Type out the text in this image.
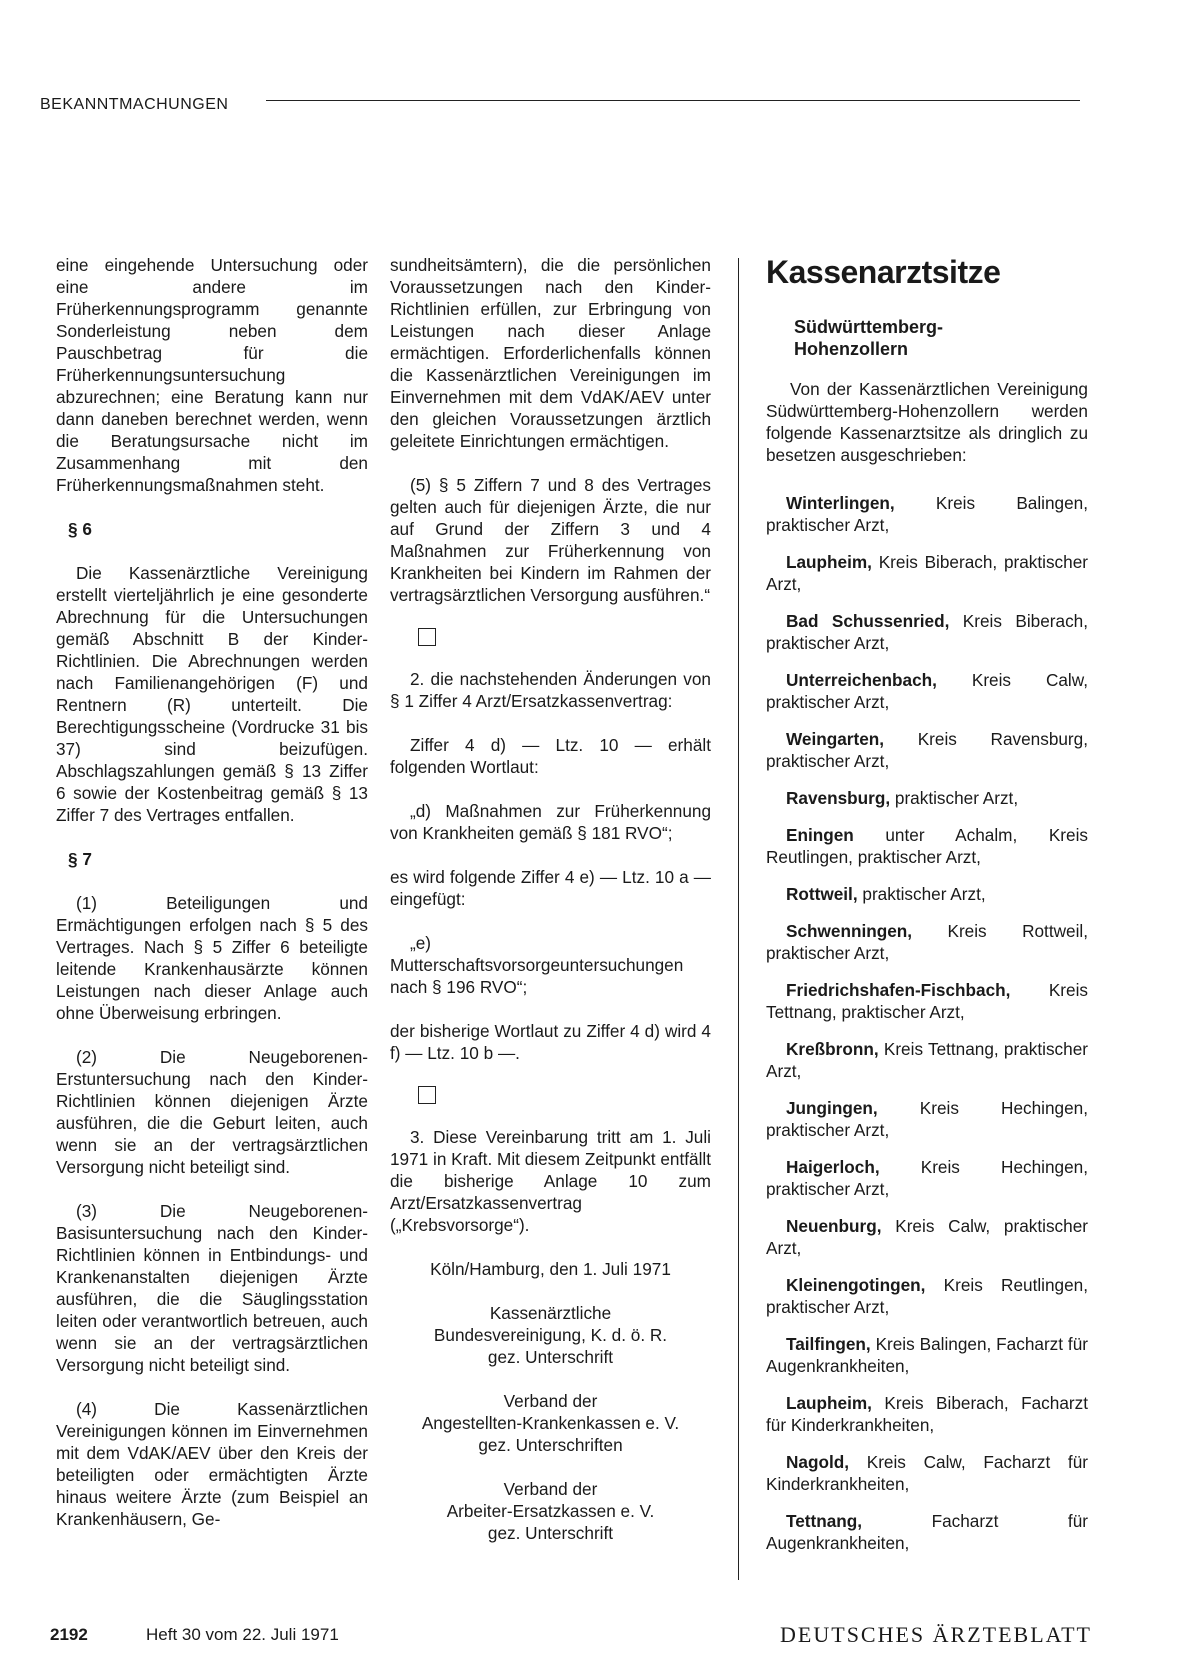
BEKANNTMACHUNGEN

eine eingehende Untersuchung oder eine andere im Früherkennungsprogramm genannte Sonderleistung neben dem Pauschbetrag für die Früherkennungsuntersuchung abzurechnen; eine Beratung kann nur dann daneben berechnet werden, wenn die Beratungsursache nicht im Zusammenhang mit den Früherkennungsmaßnahmen steht.

§ 6

Die Kassenärztliche Vereinigung erstellt vierteljährlich je eine gesonderte Abrechnung für die Untersuchungen gemäß Abschnitt B der Kinder-Richtlinien. Die Abrechnungen werden nach Familienangehörigen (F) und Rentnern (R) unterteilt. Die Berechtigungsscheine (Vordrucke 31 bis 37) sind beizufügen. Abschlagszahlungen gemäß § 13 Ziffer 6 sowie der Kostenbeitrag gemäß § 13 Ziffer 7 des Vertrages entfallen.

§ 7

(1) Beteiligungen und Ermächtigungen erfolgen nach § 5 des Vertrages. Nach § 5 Ziffer 6 beteiligte leitende Krankenhausärzte können Leistungen nach dieser Anlage auch ohne Überweisung erbringen.

(2) Die Neugeborenen-Erstuntersuchung nach den Kinder-Richtlinien können diejenigen Ärzte ausführen, die die Geburt leiten, auch wenn sie an der vertragsärztlichen Versorgung nicht beteiligt sind.

(3) Die Neugeborenen-Basisuntersuchung nach den Kinder-Richtlinien können in Entbindungs- und Krankenanstalten diejenigen Ärzte ausführen, die die Säuglingsstation leiten oder verantwortlich betreuen, auch wenn sie an der vertragsärztlichen Versorgung nicht beteiligt sind.

(4) Die Kassenärztlichen Vereinigungen können im Einvernehmen mit dem VdAK/AEV über den Kreis der beteiligten oder ermächtigten Ärzte hinaus weitere Ärzte (zum Beispiel an Krankenhäusern, Ge-

sundheitsämtern), die die persönlichen Voraussetzungen nach den Kinder-Richtlinien erfüllen, zur Erbringung von Leistungen nach dieser Anlage ermächtigen. Erforderlichenfalls können die Kassenärztlichen Vereinigungen im Einvernehmen mit dem VdAK/AEV unter den gleichen Voraussetzungen ärztlich geleitete Einrichtungen ermächtigen.

(5) § 5 Ziffern 7 und 8 des Vertrages gelten auch für diejenigen Ärzte, die nur auf Grund der Ziffern 3 und 4 Maßnahmen zur Früherkennung von Krankheiten bei Kindern im Rahmen der vertragsärztlichen Versorgung ausführen.“

2. die nachstehenden Änderungen von § 1 Ziffer 4 Arzt/Ersatzkassenvertrag:

Ziffer 4 d) — Ltz. 10 — erhält folgenden Wortlaut:

„d) Maßnahmen zur Früherkennung von Krankheiten gemäß § 181 RVO“;

es wird folgende Ziffer 4 e) — Ltz. 10 a — eingefügt:

„e) Mutterschaftsvorsorgeuntersuchungen nach § 196 RVO“;

der bisherige Wortlaut zu Ziffer 4 d) wird 4 f) — Ltz. 10 b —.

3. Diese Vereinbarung tritt am 1. Juli 1971 in Kraft. Mit diesem Zeitpunkt entfällt die bisherige Anlage 10 zum Arzt/Ersatzkassenvertrag („Krebsvorsorge“).

Köln/Hamburg, den 1. Juli 1971

Kassenärztliche
Bundesvereinigung, K. d. ö. R.
gez. Unterschrift
Verband der
Angestellten-Krankenkassen e. V.
gez. Unterschriften
Verband der
Arbeiter-Ersatzkassen e. V.
gez. Unterschrift
Kassenarztsitze
Südwürttemberg-
Hohenzollern

Von der Kassenärztlichen Vereinigung Südwürttemberg-Hohenzollern werden folgende Kassenarztsitze als dringlich zu besetzen ausgeschrieben:

Winterlingen, Kreis Balingen, praktischer Arzt,

Laupheim, Kreis Biberach, praktischer Arzt,

Bad Schussenried, Kreis Biberach, praktischer Arzt,

Unterreichenbach, Kreis Calw, praktischer Arzt,

Weingarten, Kreis Ravensburg, praktischer Arzt,

Ravensburg, praktischer Arzt,

Eningen unter Achalm, Kreis Reutlingen, praktischer Arzt,

Rottweil, praktischer Arzt,

Schwenningen, Kreis Rottweil, praktischer Arzt,

Friedrichshafen-Fischbach, Kreis Tettnang, praktischer Arzt,

Kreßbronn, Kreis Tettnang, praktischer Arzt,

Jungingen, Kreis Hechingen, praktischer Arzt,

Haigerloch, Kreis Hechingen, praktischer Arzt,

Neuenburg, Kreis Calw, praktischer Arzt,

Kleinengotingen, Kreis Reutlingen, praktischer Arzt,

Tailfingen, Kreis Balingen, Facharzt für Augenkrankheiten,

Laupheim, Kreis Biberach, Facharzt für Kinderkrankheiten,

Nagold, Kreis Calw, Facharzt für Kinderkrankheiten,

Tettnang, Facharzt für Augenkrankheiten,

2192	Heft 30 vom 22. Juli 1971	DEUTSCHES ÄRZTEBLATT
